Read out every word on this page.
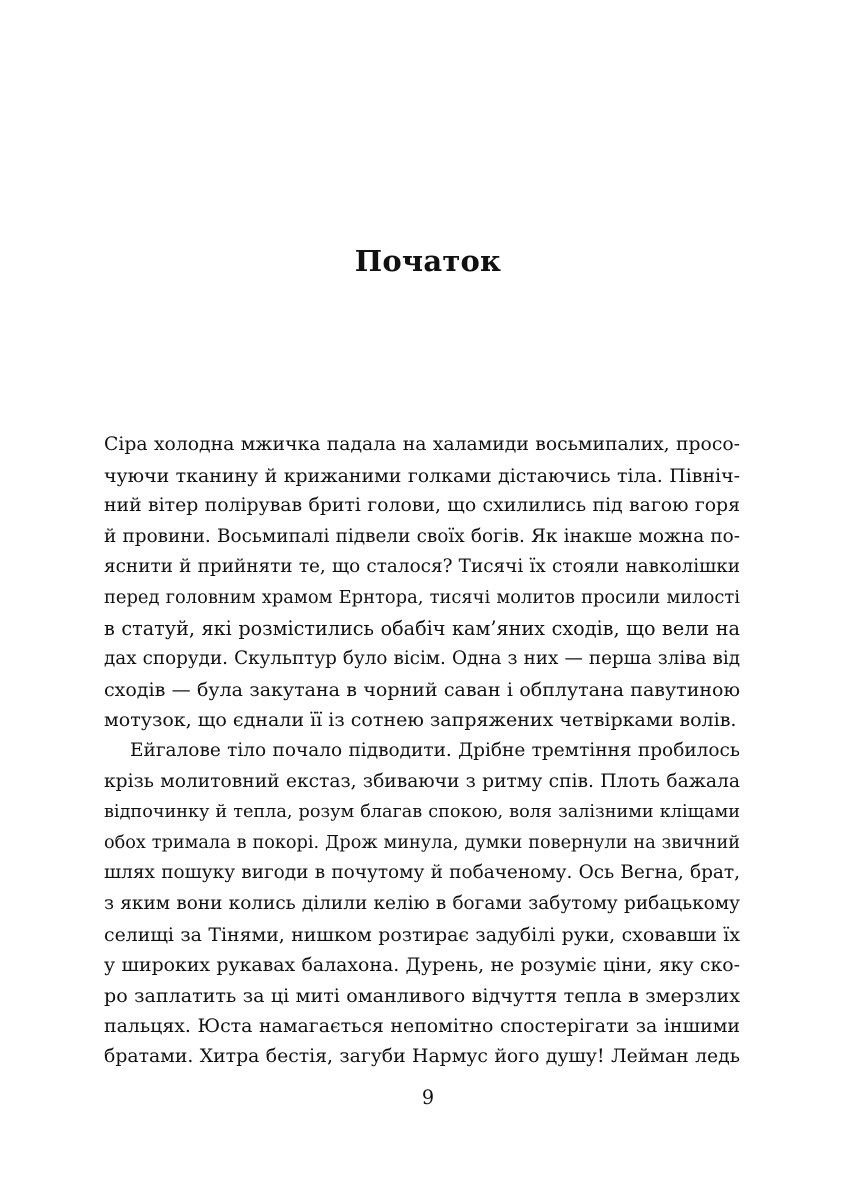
Початок
Сіра холодна мжичка падала на халамиди восьмипалих, просо-
чуючи тканину й крижаними голками дістаючись тіла. Північ-
ний вітер полірував бриті голови, що схилились під вагою горя
й провини. Восьмипалі підвели своїх богів. Як інакше можна по-
яснити й прийняти те, що сталося? Тисячі їх стояли навколішки
перед головним храмом Ернтора, тисячі молитов просили милості
в статуй, які розмістились обабіч кам’яних сходів, що вели на
дах споруди. Скульптур було вісім. Одна з них — перша зліва від
сходів — була закутана в чорний саван і обплутана павутиною
мотузок, що єднали її із сотнею запряжених четвірками волів.
Ейгалове тіло почало підводити. Дрібне тремтіння пробилось
крізь молитовний екстаз, збиваючи з ритму спів. Плоть бажала
відпочинку й тепла, розум благав спокою, воля залізними кліщами
обох тримала в покорі. Дрож минула, думки повернули на звичний
шлях пошуку вигоди в почутому й побаченому. Ось Вегна, брат,
з яким вони колись ділили келію в богами забутому рибацькому
селищі за Тінями, нишком розтирає задубілі руки, сховавши їх
у широких рукавах балахона. Дурень, не розуміє ціни, яку ско-
ро заплатить за ці миті оманливого відчуття тепла в змерзлих
пальцях. Юста намагається непомітно спостерігати за іншими
братами. Хитра бестія, загуби Нармус його душу! Лейман ледь
9
